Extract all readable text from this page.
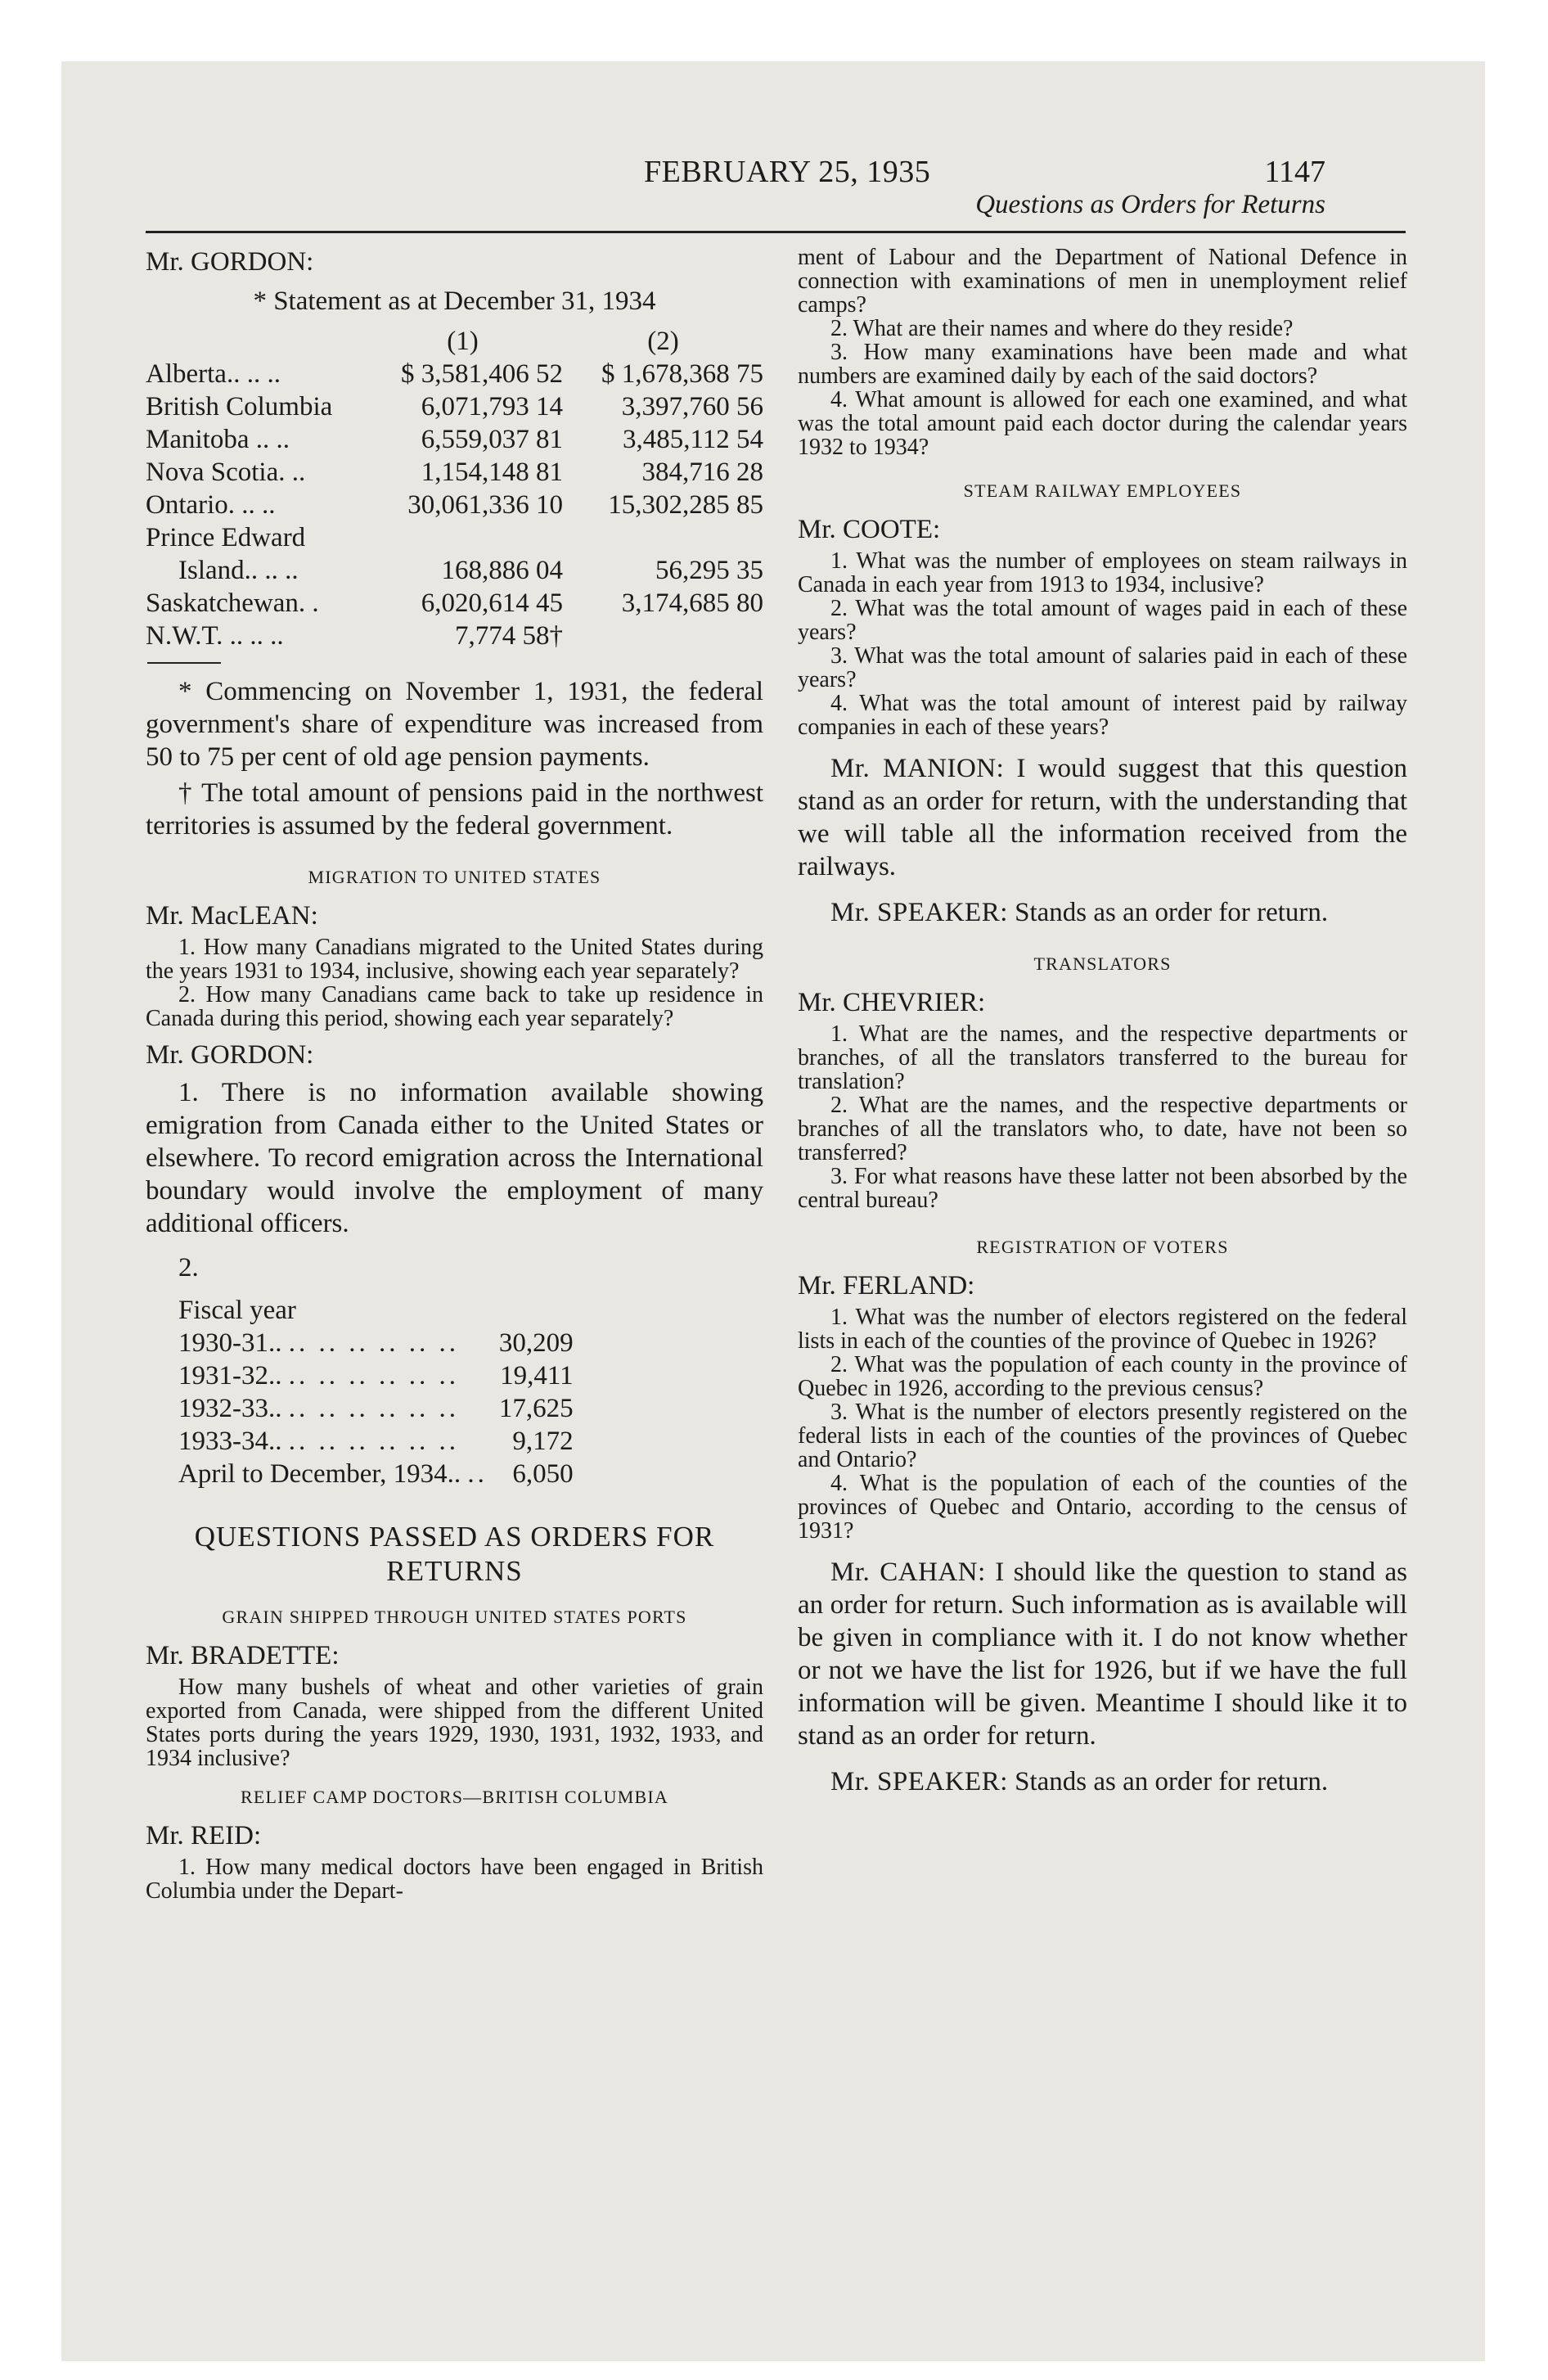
FEBRUARY 25, 1935	1147
Questions as Orders for Returns

Mr. GORDON:

* Statement as at December 31, 1934

	(1)	(2)
Alberta.. .. ..	$ 3,581,406 52	$ 1,678,368 75
British Columbia	6,071,793 14	3,397,760 56
Manitoba .. ..	6,559,037 81	3,485,112 54
Nova Scotia. ..	1,154,148 81	384,716 28
Ontario. .. ..	30,061,336 10	15,302,285 85
Prince Edward		
Island.. .. ..	168,886 04	56,295 35
Saskatchewan. .	6,020,614 45	3,174,685 80
N.W.T. .. .. ..	7,774 58†	

* Commencing on November 1, 1931, the federal government's share of expenditure was increased from 50 to 75 per cent of old age pension payments.

† The total amount of pensions paid in the northwest territories is assumed by the federal government.

MIGRATION TO UNITED STATES

Mr. MacLEAN:

1. How many Canadians migrated to the United States during the years 1931 to 1934, inclusive, showing each year separately?

2. How many Canadians came back to take up residence in Canada during this period, showing each year separately?

Mr. GORDON:

1. There is no information available showing emigration from Canada either to the United States or elsewhere. To record emigration across the International boundary would involve the employment of many additional officers.

2.

Fiscal year

1930-31.. .. .. .. .. .. ..	30,209
1931-32.. .. .. .. .. .. ..	19,411
1932-33.. .. .. .. .. .. ..	17,625
1933-34.. .. .. .. .. .. ..	9,172
April to December, 1934.. ..	6,050

QUESTIONS PASSED AS ORDERS FOR RETURNS

GRAIN SHIPPED THROUGH UNITED STATES PORTS

Mr. BRADETTE:

How many bushels of wheat and other varieties of grain exported from Canada, were shipped from the different United States ports during the years 1929, 1930, 1931, 1932, 1933, and 1934 inclusive?

RELIEF CAMP DOCTORS—BRITISH COLUMBIA

Mr. REID:

1. How many medical doctors have been engaged in British Columbia under the Depart-

ment of Labour and the Department of National Defence in connection with examinations of men in unemployment relief camps?

2. What are their names and where do they reside?

3. How many examinations have been made and what numbers are examined daily by each of the said doctors?

4. What amount is allowed for each one examined, and what was the total amount paid each doctor during the calendar years 1932 to 1934?

STEAM RAILWAY EMPLOYEES

Mr. COOTE:

1. What was the number of employees on steam railways in Canada in each year from 1913 to 1934, inclusive?

2. What was the total amount of wages paid in each of these years?

3. What was the total amount of salaries paid in each of these years?

4. What was the total amount of interest paid by railway companies in each of these years?

Mr. MANION: I would suggest that this question stand as an order for return, with the understanding that we will table all the information received from the railways.

Mr. SPEAKER: Stands as an order for return.

TRANSLATORS

Mr. CHEVRIER:

1. What are the names, and the respective departments or branches, of all the translators transferred to the bureau for translation?

2. What are the names, and the respective departments or branches of all the translators who, to date, have not been so transferred?

3. For what reasons have these latter not been absorbed by the central bureau?

REGISTRATION OF VOTERS

Mr. FERLAND:

1. What was the number of electors registered on the federal lists in each of the counties of the province of Quebec in 1926?

2. What was the population of each county in the province of Quebec in 1926, according to the previous census?

3. What is the number of electors presently registered on the federal lists in each of the counties of the provinces of Quebec and Ontario?

4. What is the population of each of the counties of the provinces of Quebec and Ontario, according to the census of 1931?

Mr. CAHAN: I should like the question to stand as an order for return. Such information as is available will be given in compliance with it. I do not know whether or not we have the list for 1926, but if we have the full information will be given. Meantime I should like it to stand as an order for return.

Mr. SPEAKER: Stands as an order for return.
